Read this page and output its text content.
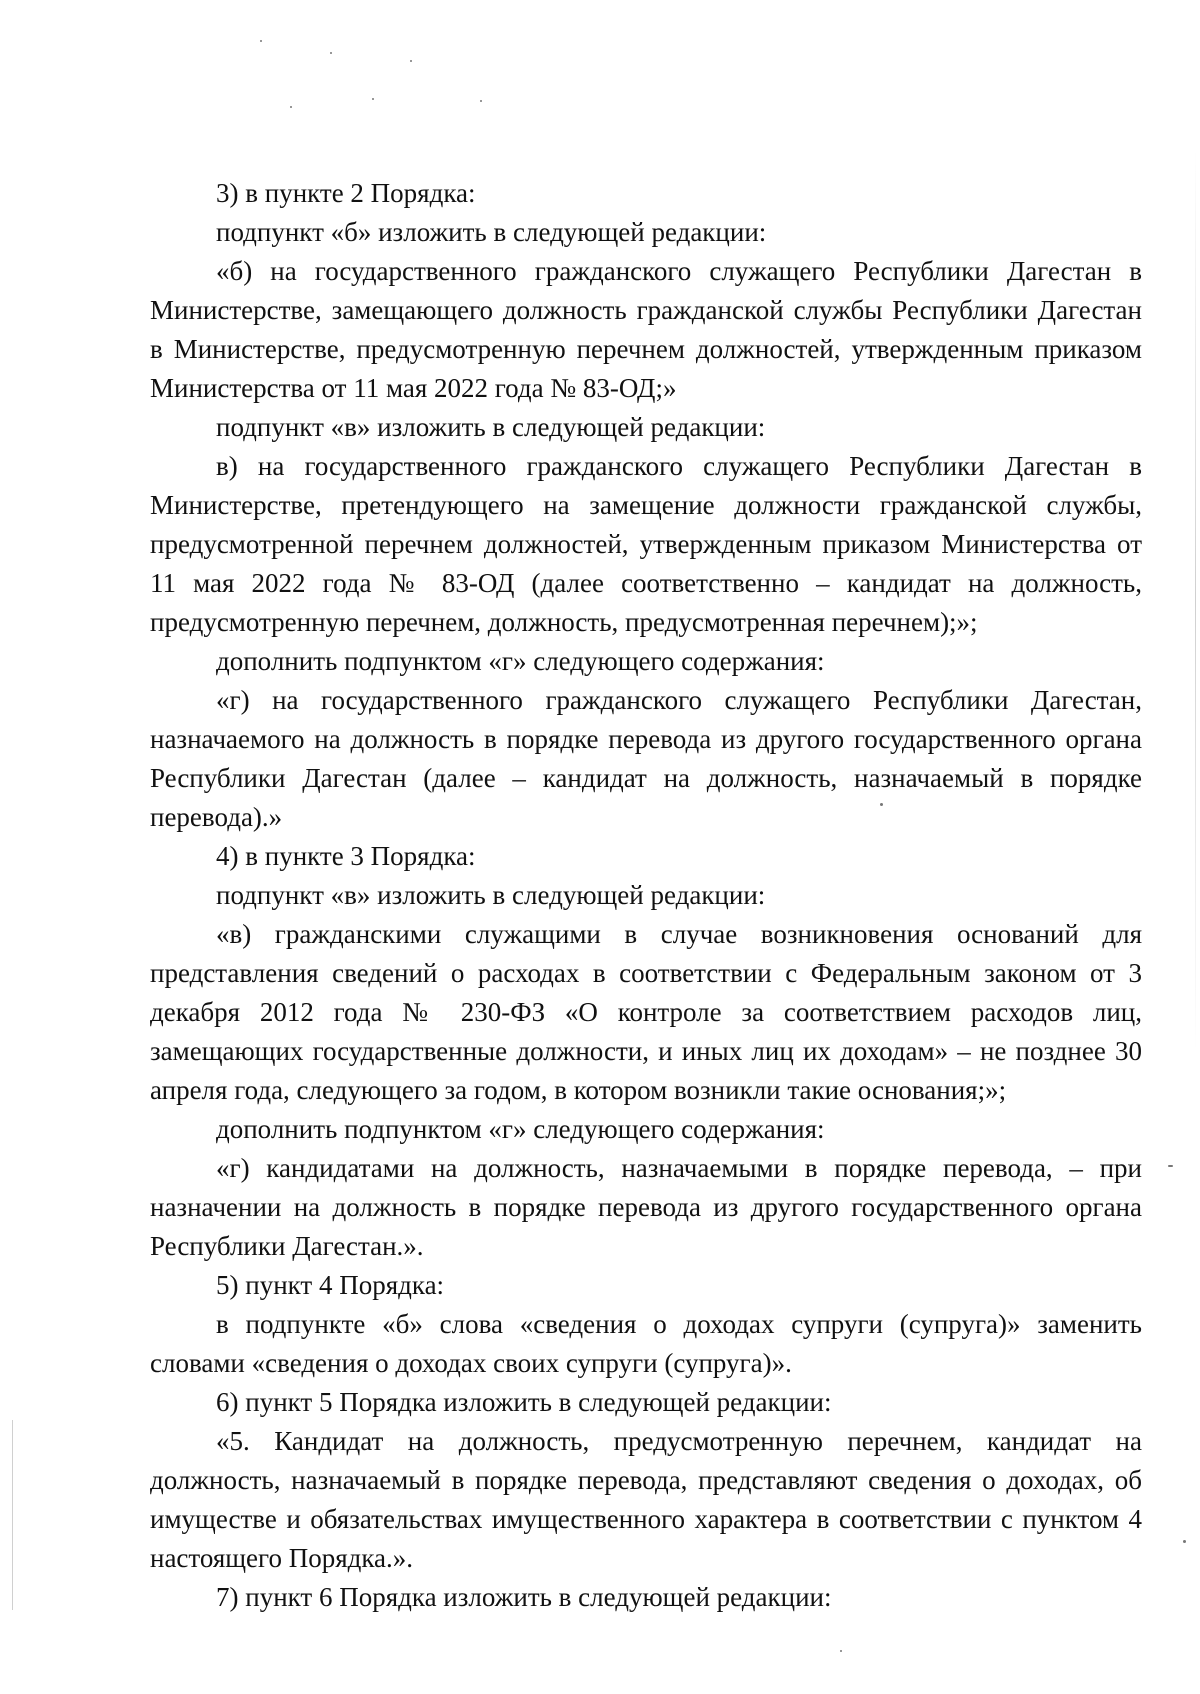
3) в пункте 2 Порядка:

подпункт «б» изложить в следующей редакции:

«б) на государственного гражданского служащего Республики Дагестан в Министерстве, замещающего должность гражданской службы Республики Дагестан в Министерстве, предусмотренную перечнем должностей, утвержденным приказом Министерства от 11 мая 2022 года № 83-ОД;»

подпункт «в» изложить в следующей редакции:

в) на государственного гражданского служащего Республики Дагестан в Министерстве, претендующего на замещение должности гражданской службы, предусмотренной перечнем должностей, утвержденным приказом Министерства от 11 мая 2022 года № 83-ОД (далее соответственно – кандидат на должность, предусмотренную перечнем, должность, предусмотренная перечнем);»;

дополнить подпунктом «г» следующего содержания:

«г) на государственного гражданского служащего Республики Дагестан, назначаемого на должность в порядке перевода из другого государственного органа Республики Дагестан (далее – кандидат на должность, назначаемый в порядке перевода).»

4) в пункте 3 Порядка:

подпункт «в» изложить в следующей редакции:

«в) гражданскими служащими в случае возникновения оснований для представления сведений о расходах в соответствии с Федеральным законом от 3 декабря 2012 года № 230-ФЗ «О контроле за соответствием расходов лиц, замещающих государственные должности, и иных лиц их доходам» – не позднее 30 апреля года, следующего за годом, в котором возникли такие основания;»;

дополнить подпунктом «г» следующего содержания:

«г) кандидатами на должность, назначаемыми в порядке перевода, – при назначении на должность в порядке перевода из другого государственного органа Республики Дагестан.».

5) пункт 4 Порядка:

в подпункте «б» слова «сведения о доходах супруги (супруга)» заменить словами «сведения о доходах своих супруги (супруга)».

6) пункт 5 Порядка изложить в следующей редакции:

«5. Кандидат на должность, предусмотренную перечнем, кандидат на должность, назначаемый в порядке перевода, представляют сведения о доходах, об имуществе и обязательствах имущественного характера в соответствии с пунктом 4 настоящего Порядка.».

7) пункт 6 Порядка изложить в следующей редакции:
